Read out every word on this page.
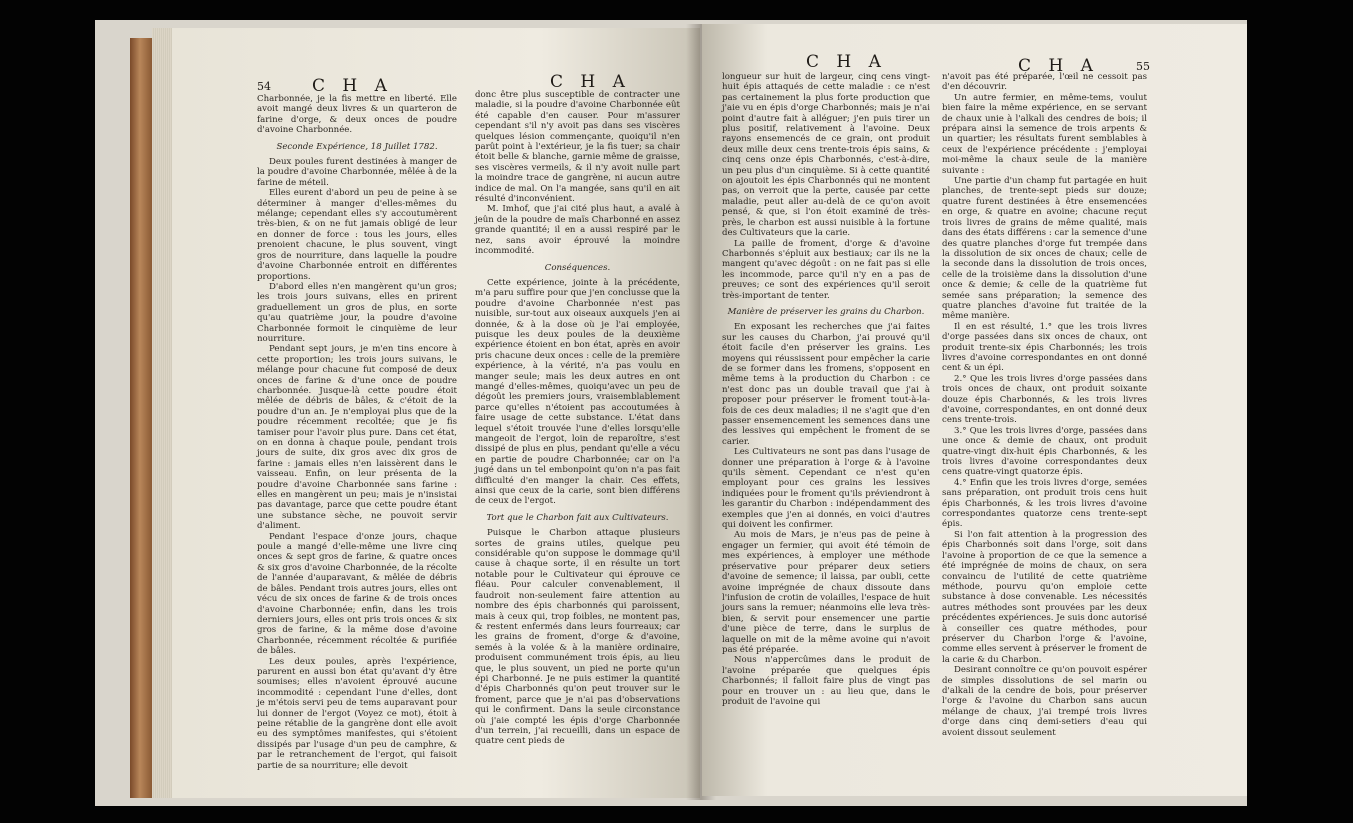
54 C H A	C H A

Charbonnée, je la fis mettre en liberté. Elle avoit mangé deux livres & un quarteron de farine d'orge, & deux onces de poudre d'avoine Charbonnée.

Seconde Expérience, 18 Juillet 1782.

Deux poules furent destinées à manger de la poudre d'avoine Charbonnée, mêlée à de la farine de méteil.

Elles eurent d'abord un peu de peine à se déterminer à manger d'elles-mêmes du mélange; cependant elles s'y accoutumèrent très-bien, & on ne fut jamais obligé de leur en donner de force : tous les jours, elles prenoient chacune, le plus souvent, vingt gros de nourriture, dans laquelle la poudre d'avoine Charbonnée entroit en différentes proportions.

D'abord elles n'en mangèrent qu'un gros; les trois jours suivans, elles en prirent graduellement un gros de plus, en sorte qu'au quatrième jour, la poudre d'avoine Charbonnée formoit le cinquième de leur nourriture.

Pendant sept jours, je m'en tins encore à cette proportion; les trois jours suivans, le mélange pour chacune fut composé de deux onces de farine & d'une once de poudre charbonnée. Jusque-là cette poudre étoit mêlée de débris de bâles, & c'étoit de la poudre d'un an. Je n'employai plus que de la poudre récemment recoltée; que je fis tamiser pour l'avoir plus pure. Dans cet état, on en donna à chaque poule, pendant trois jours de suite, dix gros avec dix gros de farine : jamais elles n'en laissèrent dans le vaisseau. Enfin, on leur présenta de la poudre d'avoine Charbonnée sans farine : elles en mangèrent un peu; mais je n'insistai pas davantage, parce que cette poudre étant une substance sèche, ne pouvoit servir d'aliment.

Pendant l'espace d'onze jours, chaque poule a mangé d'elle-même une livre cinq onces & sept gros de farine, & quatre onces & six gros d'avoine Charbonnée, de la récolte de l'année d'auparavant, & mêlée de débris de bâles. Pendant trois autres jours, elles ont vécu de six onces de farine & de trois onces d'avoine Charbonnée; enfin, dans les trois derniers jours, elles ont pris trois onces & six gros de farine, & la même dose d'avoine Charbonnée, récemment récoltée & purifiée de bâles.

Les deux poules, après l'expérience, parurent en aussi bon état qu'avant d'y être soumises; elles n'avoient éprouvé aucune incommodité : cependant l'une d'elles, dont je m'étois servi peu de tems auparavant pour lui donner de l'ergot (Voyez ce mot), étoit à peine rétablie de la gangrène dont elle avoit eu des symptômes manifestes, qui s'étoient dissipés par l'usage d'un peu de camphre, & par le retranchement de l'ergot, qui faisoit partie de sa nourriture; elle devoit

donc être plus susceptible de contracter une maladie, si la poudre d'avoine Charbonnée eût été capable d'en causer. Pour m'assurer cependant s'il n'y avoit pas dans ses viscères quelques lésion commençante, quoiqu'il n'en parût point à l'extérieur, je la fis tuer; sa chair étoit belle & blanche, garnie même de graisse, ses viscères vermeils, & il n'y avoit nulle part la moindre trace de gangrène, ni aucun autre indice de mal. On l'a mangée, sans qu'il en ait résulté d'inconvénient.

M. Imhof, que j'ai cité plus haut, a avalé à jeûn de la poudre de maïs Charbonné en assez grande quantité; il en a aussi respiré par le nez, sans avoir éprouvé la moindre incommodité.

Conséquences.

Cette expérience, jointe à la précédente, m'a paru suffire pour que j'en conclusse que la poudre d'avoine Charbonnée n'est pas nuisible, sur-tout aux oiseaux auxquels j'en ai donnée, & à la dose où je l'ai employée, puisque les deux poules de la deuxième expérience étoient en bon état, après en avoir pris chacune deux onces : celle de la première expérience, à la vérité, n'a pas voulu en manger seule; mais les deux autres en ont mangé d'elles-mêmes, quoiqu'avec un peu de dégoût les premiers jours, vraisemblablement parce qu'elles n'étoient pas accoutumées à faire usage de cette substance. L'état dans lequel s'étoit trouvée l'une d'elles lorsqu'elle mangeoit de l'ergot, loin de reparoître, s'est dissipé de plus en plus, pendant qu'elle a vécu en partie de poudre Charbonnée; car on l'a jugé dans un tel embonpoint qu'on n'a pas fait difficulté d'en manger la chair. Ces effets, ainsi que ceux de la carie, sont bien différens de ceux de l'ergot.

Tort que le Charbon fait aux Cultivateurs.

Puisque le Charbon attaque plusieurs sortes de grains utiles, quelque peu considérable qu'on suppose le dommage qu'il cause à chaque sorte, il en résulte un tort notable pour le Cultivateur qui éprouve ce fléau. Pour calculer convenablement, il faudroit non-seulement faire attention au nombre des épis charbonnés qui paroissent, mais à ceux qui, trop foibles, ne montent pas, & restent enfermés dans leurs fourreaux; car les grains de froment, d'orge & d'avoine, semés à la volée & à la manière ordinaire, produisent communément trois épis, au lieu que, le plus souvent, un pied ne porte qu'un épi Charbonné. Je ne puis estimer la quantité d'épis Charbonnés qu'on peut trouver sur le froment, parce que je n'ai pas d'observations qui le confirment. Dans la seule circonstance où j'aie compté les épis d'orge Charbonnée d'un terrein, j'ai recueilli, dans un espace de quatre cent pieds de

C H A	C H A	55

longueur sur huit de largeur, cinq cens vingt-huit épis attaqués de cette maladie : ce n'est pas certainement la plus forte production que j'aie vu en épis d'orge Charbonnés; mais je n'ai point d'autre fait à alléguer; j'en puis tirer un plus positif, relativement à l'avoine. Deux rayons ensemencés de ce grain, ont produit deux mille deux cens trente-trois épis sains, & cinq cens onze épis Charbonnés, c'est-à-dire, un peu plus d'un cinquième. Si à cette quantité on ajoutoit les épis Charbonnés qui ne montent pas, on verroit que la perte, causée par cette maladie, peut aller au-delà de ce qu'on avoit pensé, & que, si l'on étoit examiné de très-près, le charbon est aussi nuisible à la fortune des Cultivateurs que la carie.

La paille de froment, d'orge & d'avoine Charbonnés s'épluit aux bestiaux; car ils ne la mangent qu'avec dégoût : on ne fait pas si elle les incommode, parce qu'il n'y en a pas de preuves; ce sont des expériences qu'il seroit très-important de tenter.

Manière de préserver les grains du Charbon.

En exposant les recherches que j'ai faites sur les causes du Charbon, j'ai prouvé qu'il étoit facile d'en préserver les grains. Les moyens qui réussissent pour empêcher la carie de se former dans les fromens, s'opposent en même tems à la production du Charbon : ce n'est donc pas un double travail que j'ai à proposer pour préserver le froment tout-à-la-fois de ces deux maladies; il ne s'agit que d'en passer ensemencement les semences dans une des lessives qui empêchent le froment de se carier.

Les Cultivateurs ne sont pas dans l'usage de donner une préparation à l'orge & à l'avoine qu'ils sèment. Cependant ce n'est qu'en employant pour ces grains les lessives indiquées pour le froment qu'ils préviendront à les garantir du Charbon : indépendamment des exemples que j'en ai donnés, en voici d'autres qui doivent les confirmer.

Au mois de Mars, je n'eus pas de peine à engager un fermier, qui avoit été témoin de mes expériences, à employer une méthode préservative pour préparer deux setiers d'avoine de semence; il laissa, par oubli, cette avoine imprégnée de chaux dissoute dans l'infusion de crotin de volailles, l'espace de huit jours sans la remuer; néanmoins elle leva très-bien, & servit pour ensemencer une partie d'une pièce de terre, dans le surplus de laquelle on mit de la même avoine qui n'avoit pas été préparée.

Nous n'appercûmes dans le produit de l'avoine préparée que quelques épis Charbonnés; il falloit faire plus de vingt pas pour en trouver un : au lieu que, dans le produit de l'avoine qui

n'avoit pas été préparée, l'œil ne cessoit pas d'en découvrir.

Un autre fermier, en même-tems, voulut bien faire la même expérience, en se servant de chaux unie à l'alkali des cendres de bois; il prépara ainsi la semence de trois arpents & un quartier; les résultats furent semblables à ceux de l'expérience précédente : j'employai moi-même la chaux seule de la manière suivante :

Une partie d'un champ fut partagée en huit planches, de trente-sept pieds sur douze; quatre furent destinées à être ensemencées en orge, & quatre en avoine; chacune reçut trois livres de grains de même qualité, mais dans des états différens : car la semence d'une des quatre planches d'orge fut trempée dans la dissolution de six onces de chaux; celle de la seconde dans la dissolution de trois onces, celle de la troisième dans la dissolution d'une once & demie; & celle de la quatrième fut semée sans préparation; la semence des quatre planches d'avoine fut traitée de la même manière.

Il en est résulté, 1.° que les trois livres d'orge passées dans six onces de chaux, ont produit trente-six épis Charbonnés; les trois livres d'avoine correspondantes en ont donné cent & un épi.

2.° Que les trois livres d'orge passées dans trois onces de chaux, ont produit soixante douze épis Charbonnés, & les trois livres d'avoine, correspondantes, en ont donné deux cens trente-trois.

3.° Que les trois livres d'orge, passées dans une once & demie de chaux, ont produit quatre-vingt dix-huit épis Charbonnés, & les trois livres d'avoine correspondantes deux cens quatre-vingt quatorze épis.

4.° Enfin que les trois livres d'orge, semées sans préparation, ont produit trois cens huit épis Charbonnés, & les trois livres d'avoine correspondantes quatorze cens trente-sept épis.

Si l'on fait attention à la progression des épis Charbonnés soit dans l'orge, soit dans l'avoine à proportion de ce que la semence a été imprégnée de moins de chaux, on sera convaincu de l'utilité de cette quatrième méthode, pourvu qu'on emploie cette substance à dose convenable. Les nécessités autres méthodes sont prouvées par les deux précédentes expériences. Je suis donc autorisé à conseiller ces quatre méthodes, pour préserver du Charbon l'orge & l'avoine, comme elles servent à préserver le froment de la carie & du Charbon.

Desirant connoître ce qu'on pouvoit espérer de simples dissolutions de sel marin ou d'alkali de la cendre de bois, pour préserver l'orge & l'avoine du Charbon sans aucun mélange de chaux, j'ai trempé trois livres d'orge dans cinq demi-setiers d'eau qui avoient dissout seulement
